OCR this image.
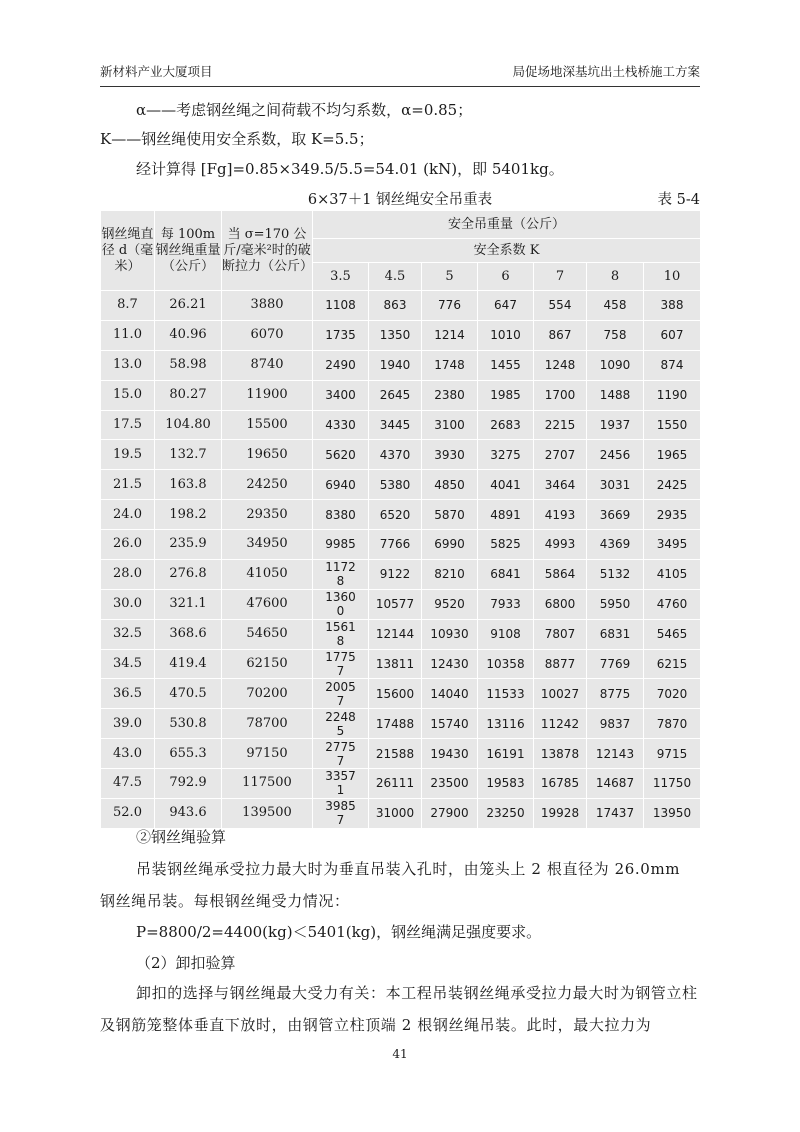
新材料产业大厦项目	局促场地深基坑出土栈桥施工方案
α——考虑钢丝绳之间荷载不均匀系数，α=0.85；
K——钢丝绳使用安全系数，取 K=5.5；
经计算得 [Fg]=0.85×349.5/5.5=54.01 (kN)，即 5401kg。
6×37＋1 钢丝绳安全吊重表	表 5-4
钢丝绳直径 d（毫米）	每 100m 钢丝绳重量（公斤）	当 σ=170 公斤/毫米²时的破断拉力（公斤）	安全吊重量（公斤）						
			安全系数 K						
			3.5	4.5	5	6	7	8	10
8.7	26.21	3880	1108	863	776	647	554	458	388
11.0	40.96	6070	1735	1350	1214	1010	867	758	607
13.0	58.98	8740	2490	1940	1748	1455	1248	1090	874
15.0	80.27	11900	3400	2645	2380	1985	1700	1488	1190
17.5	104.80	15500	4330	3445	3100	2683	2215	1937	1550
19.5	132.7	19650	5620	4370	3930	3275	2707	2456	1965
21.5	163.8	24250	6940	5380	4850	4041	3464	3031	2425
24.0	198.2	29350	8380	6520	5870	4891	4193	3669	2935
26.0	235.9	34950	9985	7766	6990	5825	4993	4369	3495
28.0	276.8	41050	11728	9122	8210	6841	5864	5132	4105
30.0	321.1	47600	13600	10577	9520	7933	6800	5950	4760
32.5	368.6	54650	15618	12144	10930	9108	7807	6831	5465
34.5	419.4	62150	17757	13811	12430	10358	8877	7769	6215
36.5	470.5	70200	20057	15600	14040	11533	10027	8775	7020
39.0	530.8	78700	22485	17488	15740	13116	11242	9837	7870
43.0	655.3	97150	27757	21588	19430	16191	13878	12143	9715
47.5	792.9	117500	33571	26111	23500	19583	16785	14687	11750
52.0	943.6	139500	39857	31000	27900	23250	19928	17437	13950
②钢丝绳验算
吊装钢丝绳承受拉力最大时为垂直吊装入孔时，由笼头上 2 根直径为 26.0mm 钢丝绳吊装。每根钢丝绳受力情况：
P=8800/2=4400(kg)＜5401(kg)，钢丝绳满足强度要求。
（2）卸扣验算
卸扣的选择与钢丝绳最大受力有关：本工程吊装钢丝绳承受拉力最大时为钢管立柱及钢筋笼整体垂直下放时，由钢管立柱顶端 2 根钢丝绳吊装。此时，最大拉力为
41
